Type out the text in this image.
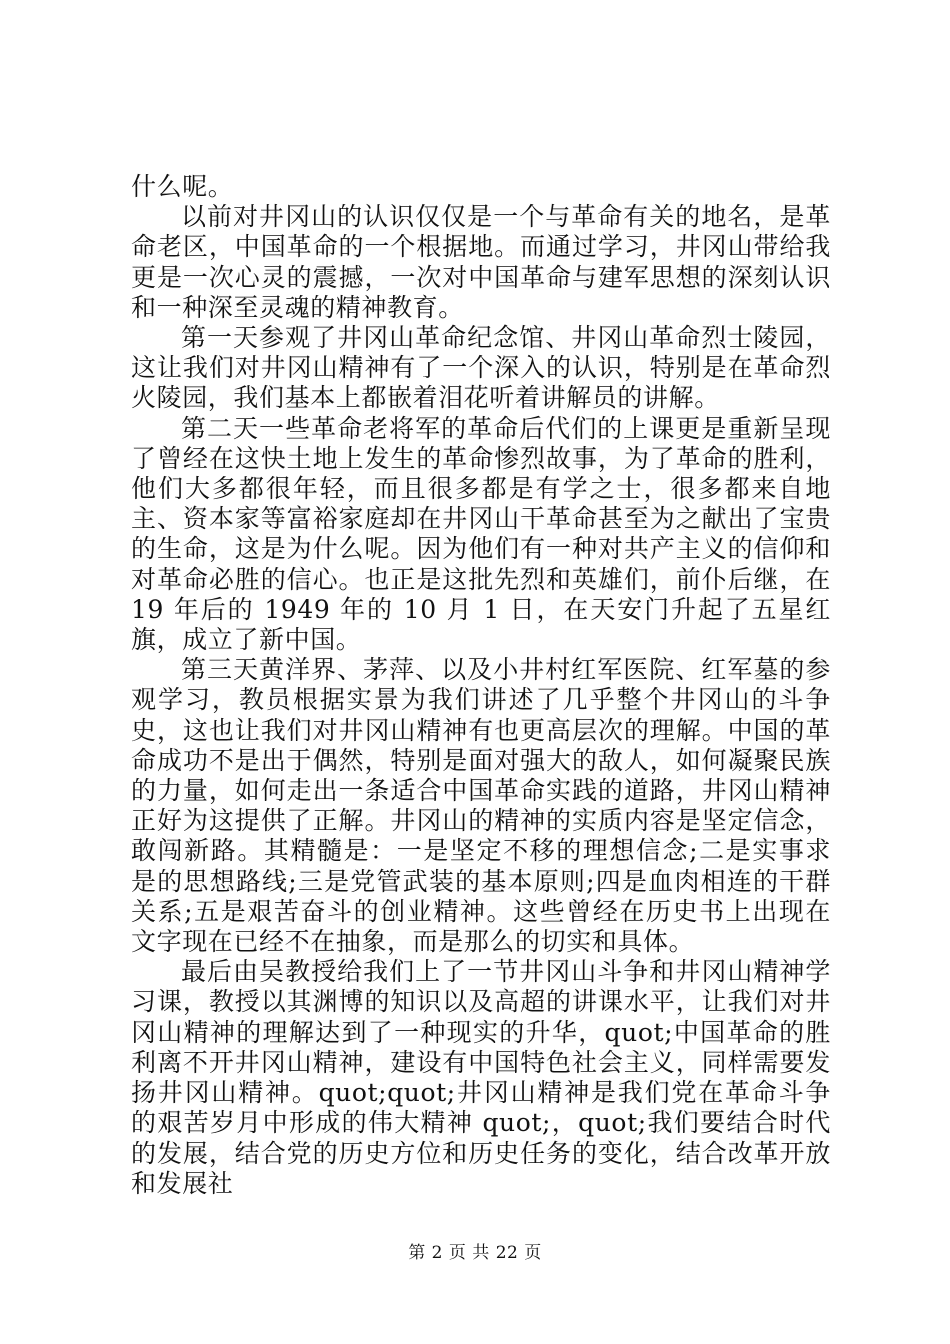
什么呢。

以前对井冈山的认识仅仅是一个与革命有关的地名，是革命老区，中国革命的一个根据地。而通过学习，井冈山带给我更是一次心灵的震撼，一次对中国革命与建军思想的深刻认识和一种深至灵魂的精神教育。

第一天参观了井冈山革命纪念馆、井冈山革命烈士陵园，这让我们对井冈山精神有了一个深入的认识，特别是在革命烈火陵园，我们基本上都嵌着泪花听着讲解员的讲解。

第二天一些革命老将军的革命后代们的上课更是重新呈现了曾经在这快土地上发生的革命惨烈故事，为了革命的胜利，他们大多都很年轻，而且很多都是有学之士，很多都来自地主、资本家等富裕家庭却在井冈山干革命甚至为之献出了宝贵的生命，这是为什么呢。因为他们有一种对共产主义的信仰和对革命必胜的信心。也正是这批先烈和英雄们，前仆后继，在 19 年后的 1949 年的 10 月 1 日，在天安门升起了五星红旗，成立了新中国。

第三天黄洋界、茅萍、以及小井村红军医院、红军墓的参观学习，教员根据实景为我们讲述了几乎整个井冈山的斗争史，这也让我们对井冈山精神有也更高层次的理解。中国的革命成功不是出于偶然，特别是面对强大的敌人，如何凝聚民族的力量，如何走出一条适合中国革命实践的道路，井冈山精神正好为这提供了正解。井冈山的精神的实质内容是坚定信念，敢闯新路。其精髓是：一是坚定不移的理想信念;二是实事求是的思想路线;三是党管武装的基本原则;四是血肉相连的干群关系;五是艰苦奋斗的创业精神。这些曾经在历史书上出现在文字现在已经不在抽象，而是那么的切实和具体。

最后由吴教授给我们上了一节井冈山斗争和井冈山精神学习课，教授以其渊博的知识以及高超的讲课水平，让我们对井冈山精神的理解达到了一种现实的升华，quot;中国革命的胜利离不开井冈山精神，建设有中国特色社会主义，同样需要发扬井冈山精神。quot;quot;井冈山精神是我们党在革命斗争的艰苦岁月中形成的伟大精神 quot;，quot;我们要结合时代的发展，结合党的历史方位和历史任务的变化，结合改革开放和发展社

第 2 页 共 22 页
